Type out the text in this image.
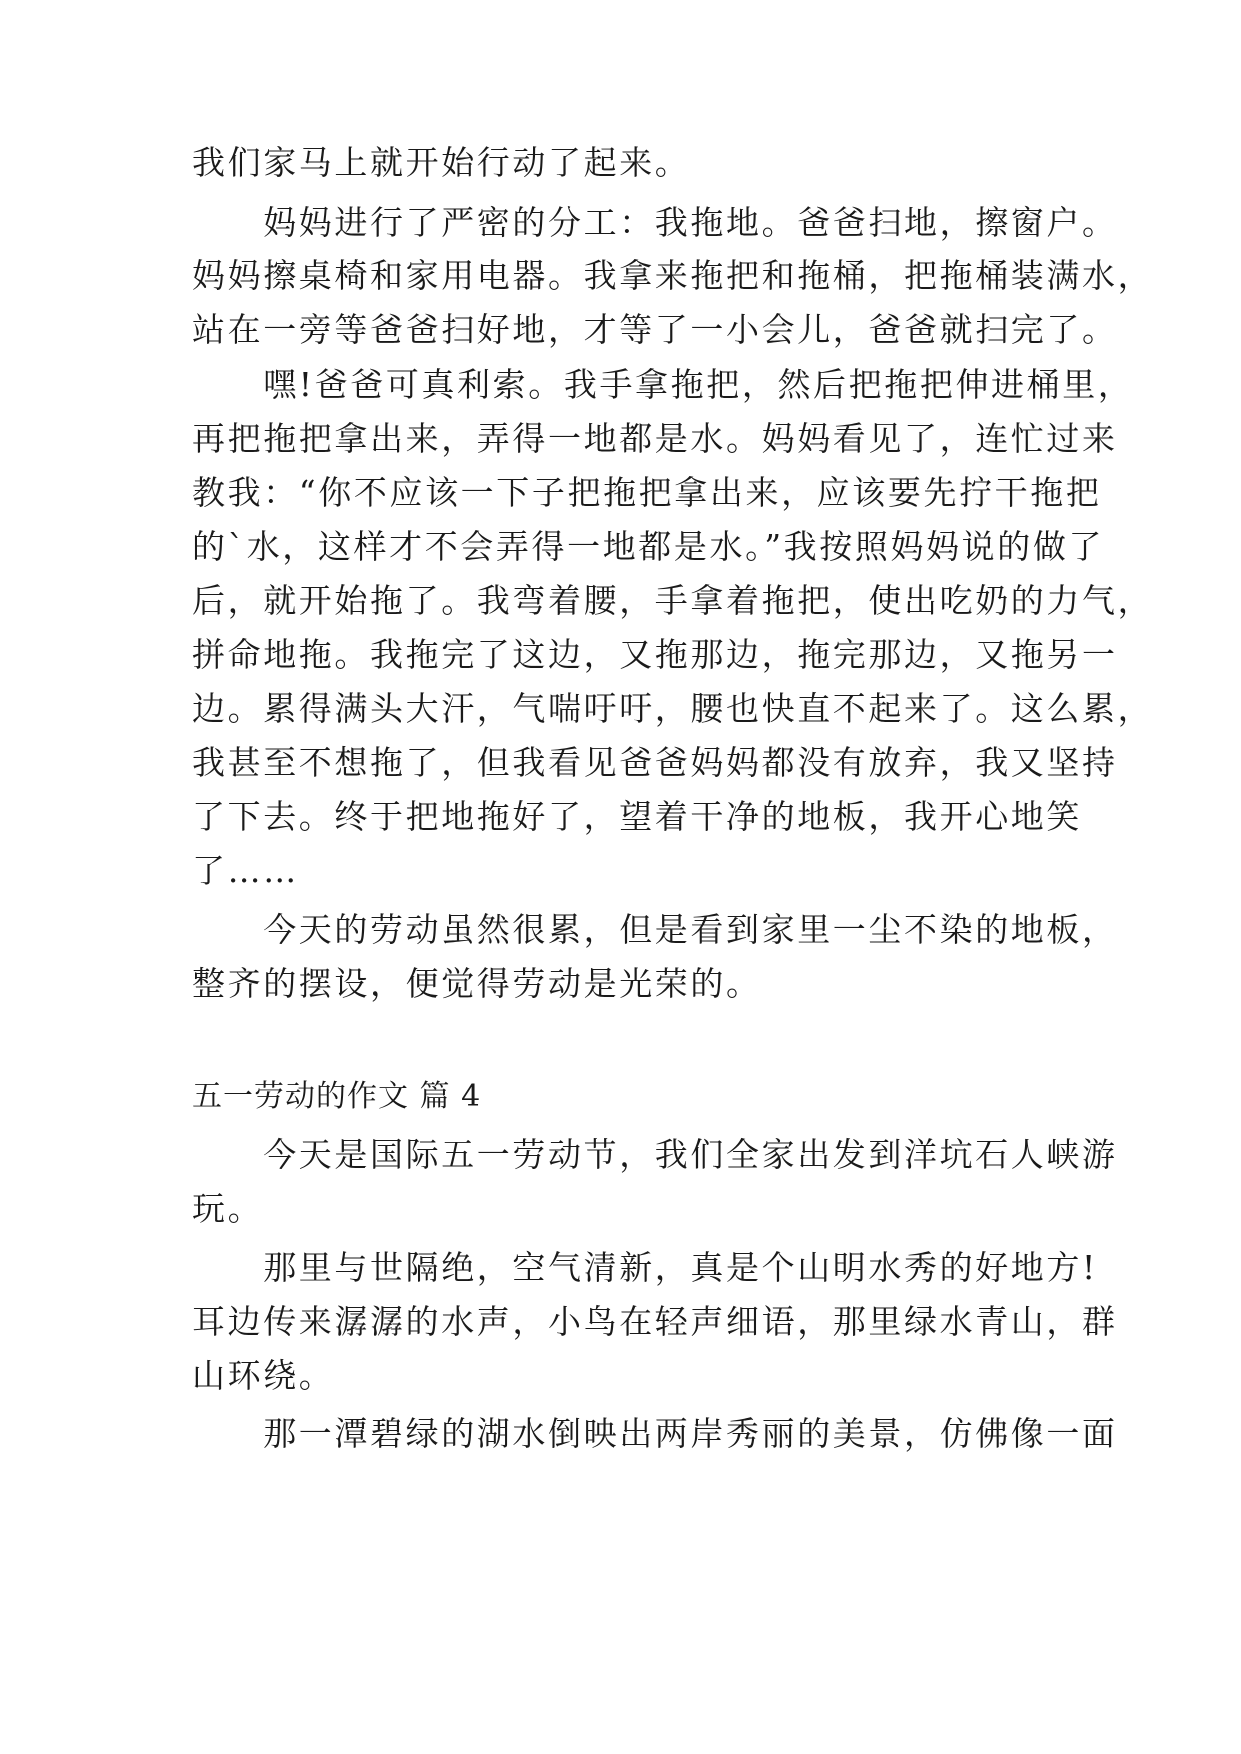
我们家马上就开始行动了起来。
　　妈妈进行了严密的分工：我拖地。爸爸扫地，擦窗户。
妈妈擦桌椅和家用电器。我拿来拖把和拖桶，把拖桶装满水，
站在一旁等爸爸扫好地，才等了一小会儿，爸爸就扫完了。
　　嘿!爸爸可真利索。我手拿拖把，然后把拖把伸进桶里，
再把拖把拿出来，弄得一地都是水。妈妈看见了，连忙过来
教我：“你不应该一下子把拖把拿出来，应该要先拧干拖把
的`水，这样才不会弄得一地都是水。”我按照妈妈说的做了
后，就开始拖了。我弯着腰，手拿着拖把，使出吃奶的力气，
拼命地拖。我拖完了这边，又拖那边，拖完那边，又拖另一
边。累得满头大汗，气喘吁吁，腰也快直不起来了。这么累，
我甚至不想拖了，但我看见爸爸妈妈都没有放弃，我又坚持
了下去。终于把地拖好了，望着干净的地板，我开心地笑
了……
　　今天的劳动虽然很累，但是看到家里一尘不染的地板，
整齐的摆设，便觉得劳动是光荣的。
五一劳动的作文 篇 4
　　今天是国际五一劳动节，我们全家出发到洋坑石人峡游
玩。
　　那里与世隔绝，空气清新，真是个山明水秀的好地方!
耳边传来潺潺的水声，小鸟在轻声细语，那里绿水青山，群
山环绕。
　　那一潭碧绿的湖水倒映出两岸秀丽的美景，仿佛像一面
